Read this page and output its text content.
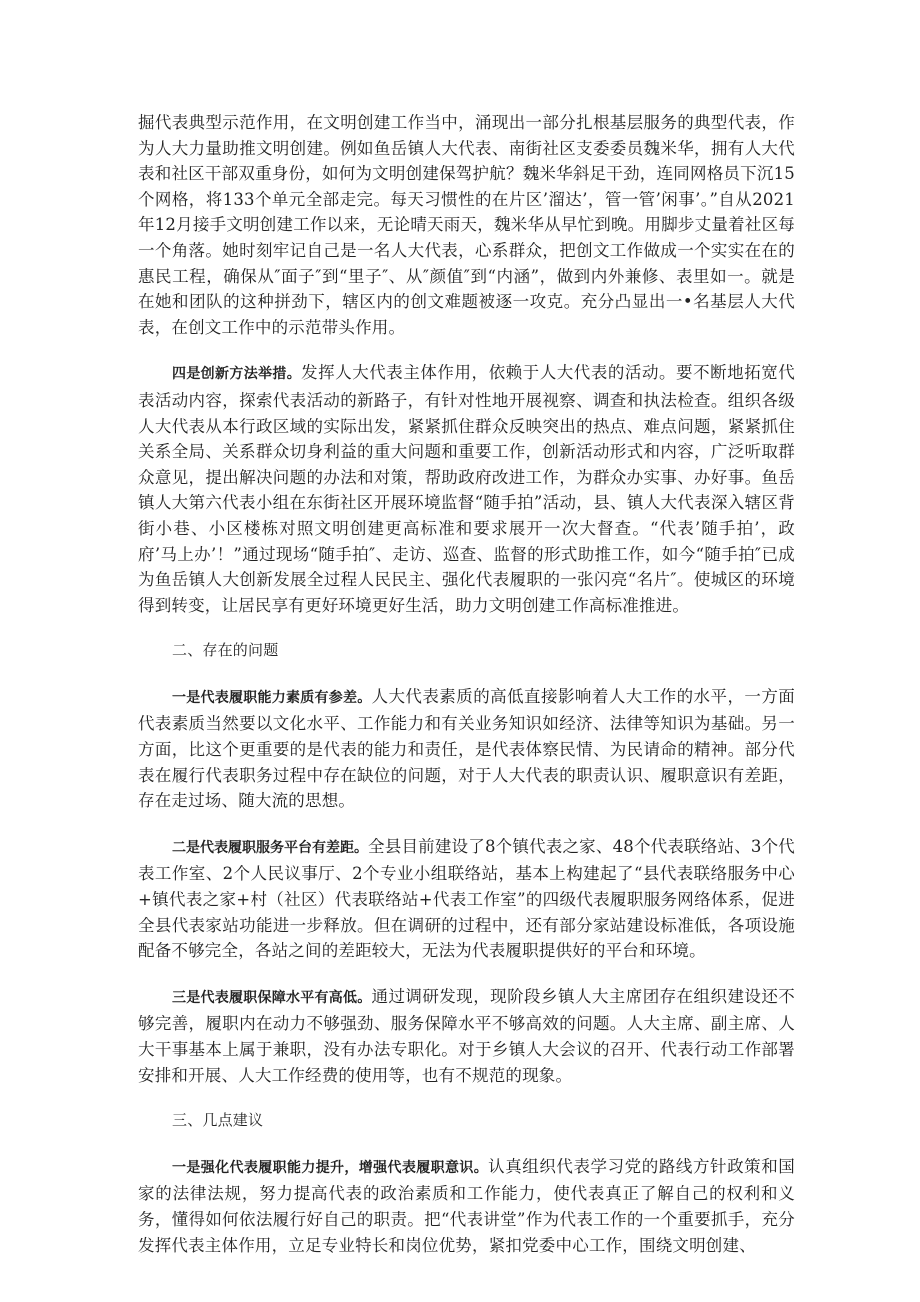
掘代表典型示范作用，在文明创建工作当中，涌现出一部分扎根基层服务的典型代表，作为人大力量助推文明创建。例如鱼岳镇人大代表、南街社区支委委员魏米华，拥有人大代表和社区干部双重身份，如何为文明创建保驾护航？魏米华斜足干劲，连同网格员下沉15个网格，将133个单元全部走完。每天习惯性的在片区’溜达’，管一管’闲事’。”自从2021年12月接手文明创建工作以来，无论晴天雨天，魏米华从早忙到晚。用脚步丈量着社区每一个角落。她时刻牢记自己是一名人大代表，心系群众，把创文工作做成一个实实在在的惠民工程，确保从″面子″到“里子″、从″颜值″到“内涵”，做到内外兼修、表里如一。就是在她和团队的这种拼劲下，辖区内的创文难题被逐一攻克。充分凸显出一•名基层人大代表，在创文工作中的示范带头作用。

四是创新方法举措。发挥人大代表主体作用，依赖于人大代表的活动。要不断地拓宽代表活动内容，探索代表活动的新路子，有针对性地开展视察、调查和执法检查。组织各级人大代表从本行政区域的实际出发，紧紧抓住群众反映突出的热点、难点问题，紧紧抓住关系全局、关系群众切身利益的重大问题和重要工作，创新活动形式和内容，广泛听取群众意见，提出解决问题的办法和对策，帮助政府改进工作，为群众办实事、办好事。鱼岳镇人大第六代表小组在东街社区开展环境监督“随手拍”活动，县、镇人大代表深入辖区背街小巷、小区楼栋对照文明创建更高标准和要求展开一次大督查。“代表’随手拍’，政府’马上办’！”通过现场“随手拍″、走访、巡查、监督的形式助推工作，如今“随手拍″已成为鱼岳镇人大创新发展全过程人民民主、强化代表履职的一张闪亮“名片″。使城区的环境得到转变，让居民享有更好环境更好生活，助力文明创建工作高标准推进。

二、存在的问题

一是代表履职能力素质有参差。人大代表素质的高低直接影响着人大工作的水平，一方面代表素质当然要以文化水平、工作能力和有关业务知识如经济、法律等知识为基础。另一方面，比这个更重要的是代表的能力和责任，是代表体察民情、为民请命的精神。部分代表在履行代表职务过程中存在缺位的问题，对于人大代表的职责认识、履职意识有差距，存在走过场、随大流的思想。

二是代表履职服务平台有差距。全县目前建设了8个镇代表之家、48个代表联络站、3个代表工作室、2个人民议事厅、2个专业小组联络站，基本上构建起了“县代表联络服务中心+镇代表之家+村（社区）代表联络站+代表工作室”的四级代表履职服务网络体系，促进全县代表家站功能进一步释放。但在调研的过程中，还有部分家站建设标准低，各项设施配备不够完全，各站之间的差距较大，无法为代表履职提供好的平台和环境。

三是代表履职保障水平有高低。通过调研发现，现阶段乡镇人大主席团存在组织建设还不够完善，履职内在动力不够强劲、服务保障水平不够高效的问题。人大主席、副主席、人大干事基本上属于兼职，没有办法专职化。对于乡镇人大会议的召开、代表行动工作部署安排和开展、人大工作经费的使用等，也有不规范的现象。

三、几点建议

一是强化代表履职能力提升，增强代表履职意识。认真组织代表学习党的路线方针政策和国家的法律法规，努力提高代表的政治素质和工作能力，使代表真正了解自己的权利和义务，懂得如何依法履行好自己的职责。把“代表讲堂”作为代表工作的一个重要抓手，充分发挥代表主体作用，立足专业特长和岗位优势，紧扣党委中心工作，围绕文明创建、
